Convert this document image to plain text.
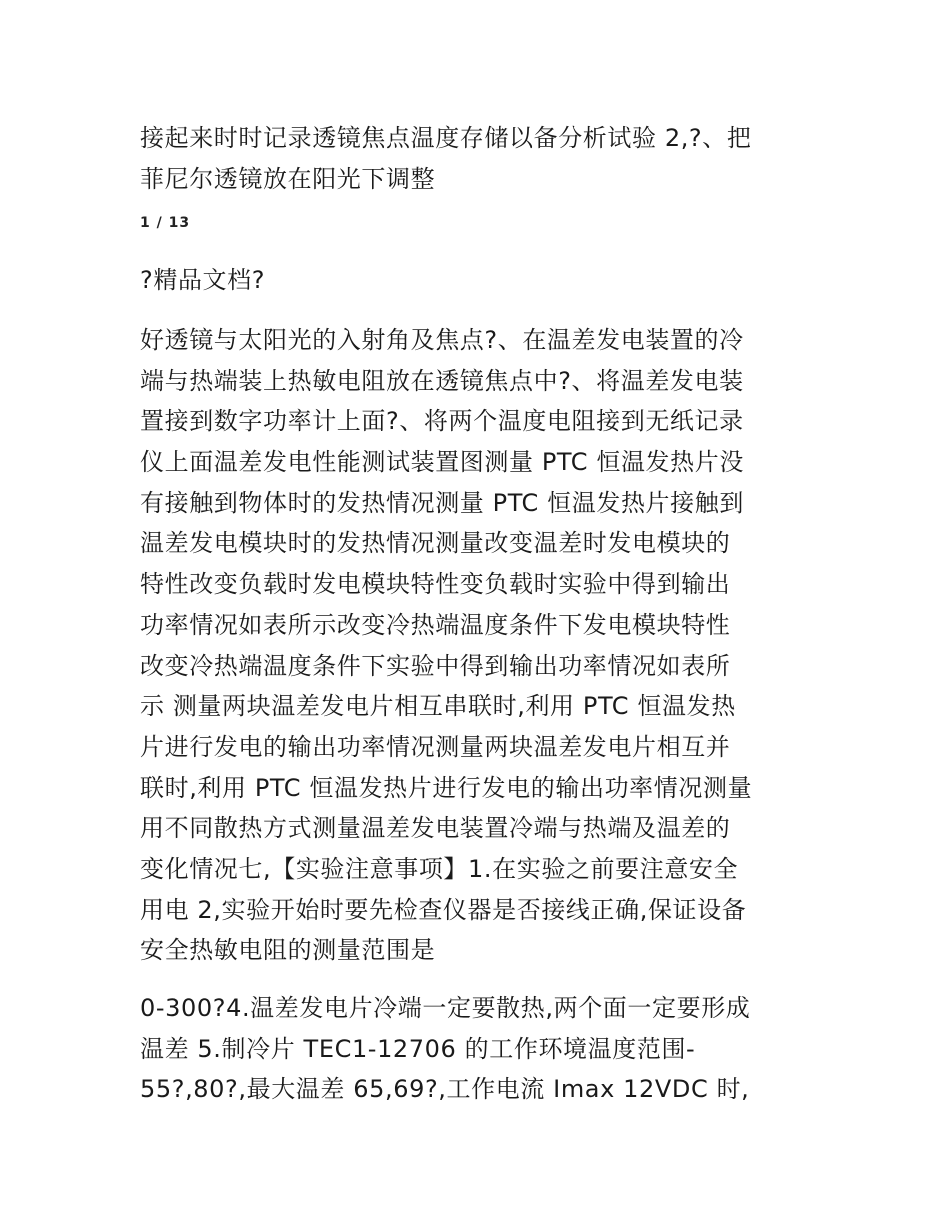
接起来时时记录透镜焦点温度存储以备分析试验 2,?、把
菲尼尔透镜放在阳光下调整
1 / 13
?精品文档?
好透镜与太阳光的入射角及焦点?、在温差发电装置的冷
端与热端装上热敏电阻放在透镜焦点中?、将温差发电装
置接到数字功率计上面?、将两个温度电阻接到无纸记录
仪上面温差发电性能测试装置图测量 PTC 恒温发热片没
有接触到物体时的发热情况测量 PTC 恒温发热片接触到
温差发电模块时的发热情况测量改变温差时发电模块的
特性改变负载时发电模块特性变负载时实验中得到输出
功率情况如表所示改变冷热端温度条件下发电模块特性
改变冷热端温度条件下实验中得到输出功率情况如表所
示 测量两块温差发电片相互串联时,利用 PTC 恒温发热
片进行发电的输出功率情况测量两块温差发电片相互并
联时,利用 PTC 恒温发热片进行发电的输出功率情况测量
用不同散热方式测量温差发电装置冷端与热端及温差的
变化情况七,【实验注意事项】1.在实验之前要注意安全
用电 2,实验开始时要先检查仪器是否接线正确,保证设备
安全热敏电阻的测量范围是
0-300?4.温差发电片冷端一定要散热,两个面一定要形成
温差 5.制冷片 TEC1-12706 的工作环境温度范围-
55?,80?,最大温差 65,69?,工作电流 Imax 12VDC 时,
